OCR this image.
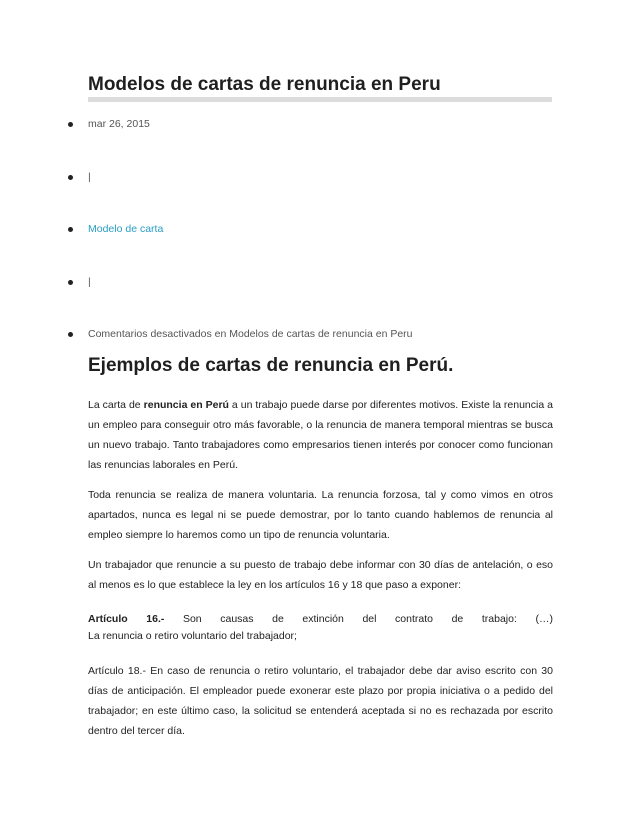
Modelos de cartas de renuncia en Peru
mar 26, 2015
|
Modelo de carta
|
Comentarios desactivados en Modelos de cartas de renuncia en Peru
Ejemplos de cartas de renuncia en Perú.

La carta de renuncia en Perú a un trabajo puede darse por diferentes motivos. Existe la renuncia a un empleo para conseguir otro más favorable, o la renuncia de manera temporal mientras se busca un nuevo trabajo. Tanto trabajadores como empresarios tienen interés por conocer como funcionan las renuncias laborales en Perú.

Toda renuncia se realiza de manera voluntaria. La renuncia forzosa, tal y como vimos en otros apartados, nunca es legal ni se puede demostrar, por lo tanto cuando hablemos de renuncia al empleo siempre lo haremos como un tipo de renuncia voluntaria.

Un trabajador que renuncie a su puesto de trabajo debe informar con 30 días de antelación, o eso al menos es lo que establece la ley en los artículos 16 y 18 que paso a exponer:

Artículo 16.- Son causas de extinción del contrato de trabajo: (…)
La renuncia o retiro voluntario del trabajador;

Artículo 18.- En caso de renuncia o retiro voluntario, el trabajador debe dar aviso escrito con 30 días de anticipación. El empleador puede exonerar este plazo por propia iniciativa o a pedido del trabajador; en este último caso, la solicitud se entenderá aceptada si no es rechazada por escrito dentro del tercer día.
